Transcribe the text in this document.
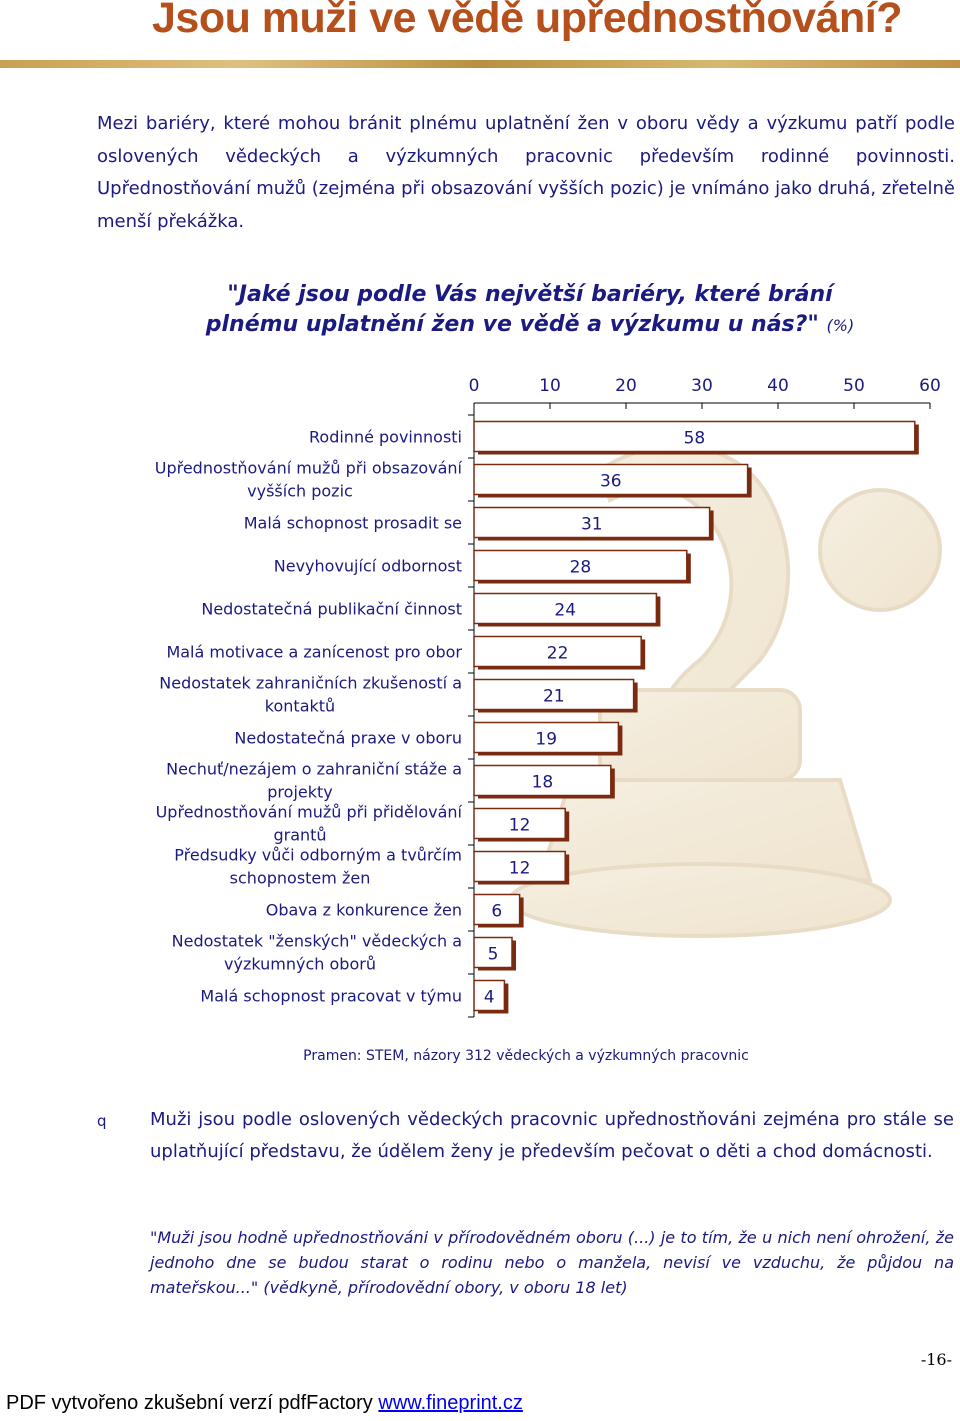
Jsou muži ve vědě upřednostňování?

Mezi bariéry, které mohou bránit plnému uplatnění žen v oboru vědy a výzkumu patří podle oslovených vědeckých a výzkumných pracovnic především rodinné povinnosti. Upřednostňování mužů (zejména při obsazování vyšších pozic) je vnímáno jako druhá, zřetelně menší překážka.

"Jaké jsou podle Vás největší bariéry, které brání
plnému uplatnění žen ve vědě a výzkumu u nás?" (%)
0	10	20	30	40	50	60
Rodinné povinnosti
Upřednostňování mužů při obsazování
vyšších pozic
Malá schopnost prosadit se
Nevyhovující odbornost
Nedostatečná publikační činnost
Malá motivace a zanícenost pro obor
Nedostatek zahraničních zkušeností a
kontaktů
Nedostatečná praxe v oboru
Nechuť/nezájem o zahraniční stáže a
projekty
Upřednostňování mužů při přidělování
grantů
Předsudky vůči odborným a tvůrčím
schopnostem žen
Obava z konkurence žen
Nedostatek "ženských" vědeckých a
výzkumných oborů
Malá schopnost pracovat v týmu
58
36
31
28
24
22
21
19
18
12
12
6
5
4
Pramen: STEM, názory 312 vědeckých a výzkumných pracovnic
q Muži jsou podle oslovených vědeckých pracovnic upřednostňováni zejména pro stále se uplatňující představu, že údělem ženy je především pečovat o děti a chod domácnosti.

"Muži jsou hodně upřednostňováni v přírodovědném oboru (...) je to tím, že u nich není ohrožení, že jednoho dne se budou starat o rodinu nebo o manžela, nevisí ve vzduchu, že půjdou na mateřskou..." (vědkyně, přírodovědní obory, v oboru 18 let)

-16-
PDF vytvořeno zkušební verzí pdfFactory www.fineprint.cz
